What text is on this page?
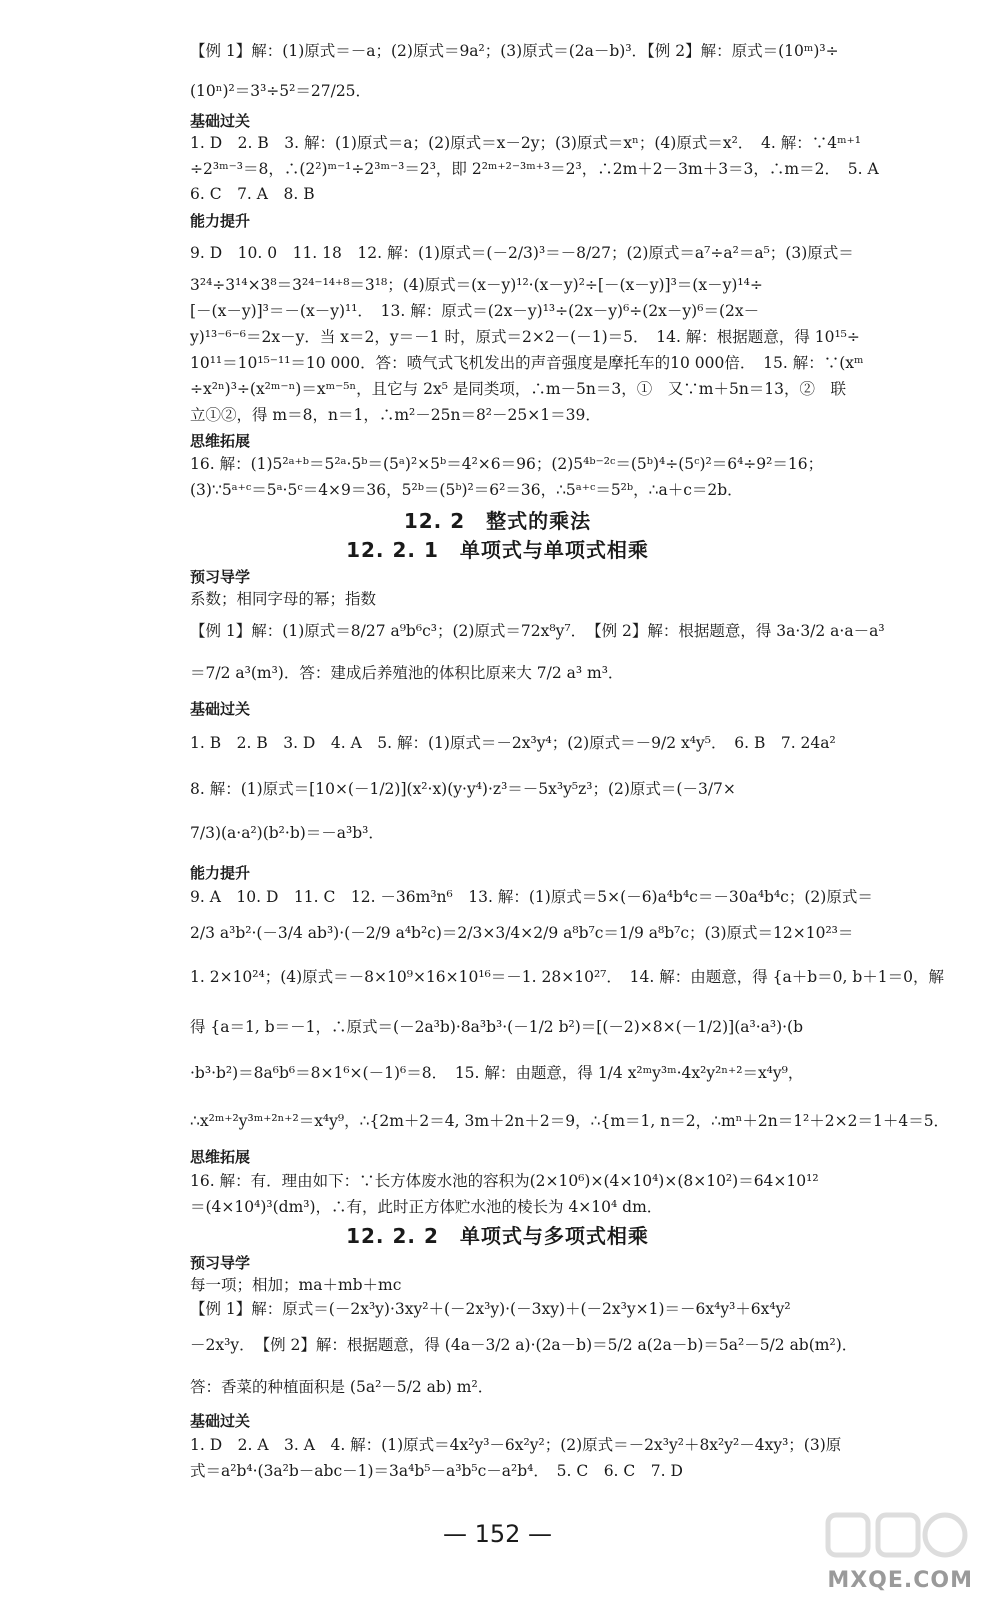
【例 1】解：(1)原式＝－a；(2)原式＝9a²；(3)原式＝(2a－b)³．【例 2】解：原式＝(10ᵐ)³÷
(10ⁿ)²＝3³÷5²＝27/25．
基础过关
1. D　2. B　3. 解：(1)原式＝a；(2)原式＝x－2y；(3)原式＝xⁿ；(4)原式＝x²．　4. 解：∵4ᵐ⁺¹
÷2³ᵐ⁻³＝8，∴(2²)ᵐ⁻¹÷2³ᵐ⁻³＝2³，即 2²ᵐ⁺²⁻³ᵐ⁺³＝2³，∴2m＋2－3m＋3＝3，∴m＝2．　5. A
6. C　7. A　8. B
能力提升
9. D　10. 0　11. 18　12. 解：(1)原式＝(－2/3)³＝－8/27；(2)原式＝a⁷÷a²＝a⁵；(3)原式＝
3²⁴÷3¹⁴×3⁸＝3²⁴⁻¹⁴⁺⁸＝3¹⁸；(4)原式＝(x－y)¹²·(x－y)²÷[－(x－y)]³＝(x－y)¹⁴÷
[－(x－y)]³＝－(x－y)¹¹．　13. 解：原式＝(2x－y)¹³÷(2x－y)⁶÷(2x－y)⁶＝(2x－
y)¹³⁻⁶⁻⁶＝2x－y．当 x＝2，y＝－1 时，原式＝2×2－(－1)＝5．　14. 解：根据题意，得 10¹⁵÷
10¹¹＝10¹⁵⁻¹¹＝10 000．答：喷气式飞机发出的声音强度是摩托车的10 000倍．　15. 解：∵(xᵐ
÷x²ⁿ)³÷(x²ᵐ⁻ⁿ)＝xᵐ⁻⁵ⁿ，且它与 2x⁵ 是同类项，∴m－5n＝3，①　又∵m＋5n＝13，②　联
立①②，得 m＝8，n＝1，∴m²－25n＝8²－25×1＝39．
思维拓展
16. 解：(1)5²ᵃ⁺ᵇ＝5²ᵃ·5ᵇ＝(5ᵃ)²×5ᵇ＝4²×6＝96；(2)5⁴ᵇ⁻²ᶜ＝(5ᵇ)⁴÷(5ᶜ)²＝6⁴÷9²＝16；
(3)∵5ᵃ⁺ᶜ＝5ᵃ·5ᶜ＝4×9＝36，5²ᵇ＝(5ᵇ)²＝6²＝36，∴5ᵃ⁺ᶜ＝5²ᵇ，∴a＋c＝2b．
12. 2　整式的乘法
12. 2. 1　单项式与单项式相乘
预习导学
系数；相同字母的幂；指数
【例 1】解：(1)原式＝8/27 a⁹b⁶c³；(2)原式＝72x⁸y⁷．　【例 2】解：根据题意，得 3a·3/2 a·a－a³
＝7/2 a³(m³)．答：建成后养殖池的体积比原来大 7/2 a³ m³．
基础过关
1. B　2. B　3. D　4. A　5. 解：(1)原式＝－2x³y⁴；(2)原式＝－9/2 x⁴y⁵．　6. B　7. 24a²
8. 解：(1)原式＝[10×(－1/2)](x²·x)(y·y⁴)·z³＝－5x³y⁵z³；(2)原式＝(－3/7×
7/3)(a·a²)(b²·b)＝－a³b³．
能力提升
9. A　10. D　11. C　12. －36m³n⁶　13. 解：(1)原式＝5×(－6)a⁴b⁴c＝－30a⁴b⁴c；(2)原式＝
2/3 a³b²·(－3/4 ab³)·(－2/9 a⁴b²c)＝2/3×3/4×2/9 a⁸b⁷c＝1/9 a⁸b⁷c；(3)原式＝12×10²³＝
1. 2×10²⁴；(4)原式＝－8×10⁹×16×10¹⁶＝－1. 28×10²⁷．　14. 解：由题意，得 {a＋b＝0, b＋1＝0，解
得 {a＝1, b＝－1，∴原式＝(－2a³b)·8a³b³·(－1/2 b²)＝[(－2)×8×(－1/2)](a³·a³)·(b
·b³·b²)＝8a⁶b⁶＝8×1⁶×(－1)⁶＝8．　15. 解：由题意，得 1/4 x²ᵐy³ᵐ·4x²y²ⁿ⁺²＝x⁴y⁹，
∴x²ᵐ⁺²y³ᵐ⁺²ⁿ⁺²＝x⁴y⁹，∴{2m＋2＝4, 3m＋2n＋2＝9，∴{m＝1, n＝2，∴mⁿ＋2n＝1²＋2×2＝1＋4＝5．
思维拓展
16. 解：有．理由如下：∵长方体废水池的容积为(2×10⁶)×(4×10⁴)×(8×10²)＝64×10¹²
＝(4×10⁴)³(dm³)，∴有，此时正方体贮水池的棱长为 4×10⁴ dm．
12. 2. 2　单项式与多项式相乘
预习导学
每一项；相加；ma＋mb＋mc
【例 1】解：原式＝(－2x³y)·3xy²＋(－2x³y)·(－3xy)＋(－2x³y×1)＝－6x⁴y³＋6x⁴y²
－2x³y．　【例 2】解：根据题意，得 (4a－3/2 a)·(2a－b)＝5/2 a(2a－b)＝5a²－5/2 ab(m²)．
答：香菜的种植面积是 (5a²－5/2 ab) m²．
基础过关
1. D　2. A　3. A　4. 解：(1)原式＝4x²y³－6x²y²；(2)原式＝－2x³y²＋8x²y²－4xy³；(3)原
式＝a²b⁴·(3a²b－abc－1)＝3a⁴b⁵－a³b⁵c－a²b⁴．　5. C　6. C　7. D
— 152 —
MXQE.COM
